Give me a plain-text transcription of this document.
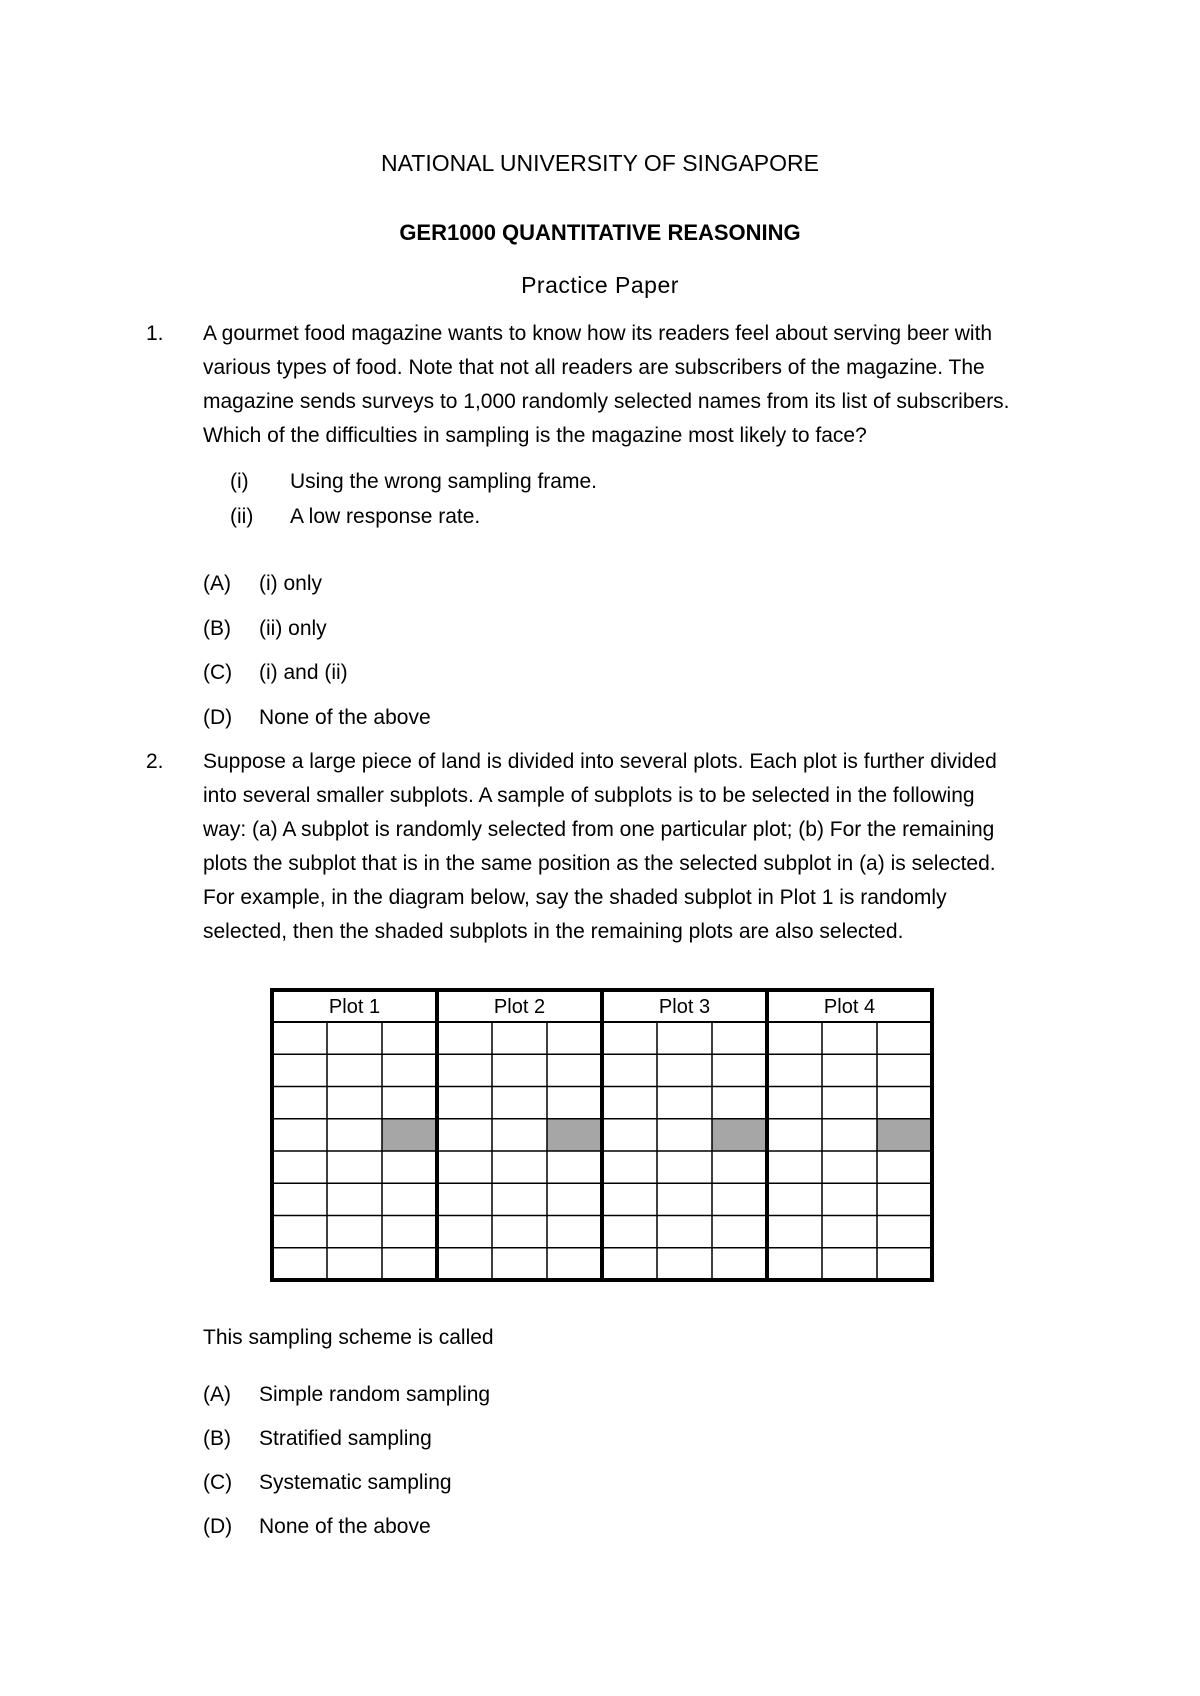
NATIONAL UNIVERSITY OF SINGAPORE
GER1000 QUANTITATIVE REASONING
Practice Paper
1. A gourmet food magazine wants to know how its readers feel about serving beer with
various types of food. Note that not all readers are subscribers of the magazine. The
magazine sends surveys to 1,000 randomly selected names from its list of subscribers.
Which of the difficulties in sampling is the magazine most likely to face?
(i) Using the wrong sampling frame.
(ii) A low response rate.
(A) (i) only
(B) (ii) only
(C) (i) and (ii)
(D) None of the above
2. Suppose a large piece of land is divided into several plots. Each plot is further divided
into several smaller subplots. A sample of subplots is to be selected in the following
way: (a) A subplot is randomly selected from one particular plot; (b) For the remaining
plots the subplot that is in the same position as the selected subplot in (a) is selected.
For example, in the diagram below, say the shaded subplot in Plot 1 is randomly
selected, then the shaded subplots in the remaining plots are also selected.
Plot 1	Plot 2	Plot 3	Plot 4
This sampling scheme is called
(A) Simple random sampling
(B) Stratified sampling
(C) Systematic sampling
(D) None of the above
